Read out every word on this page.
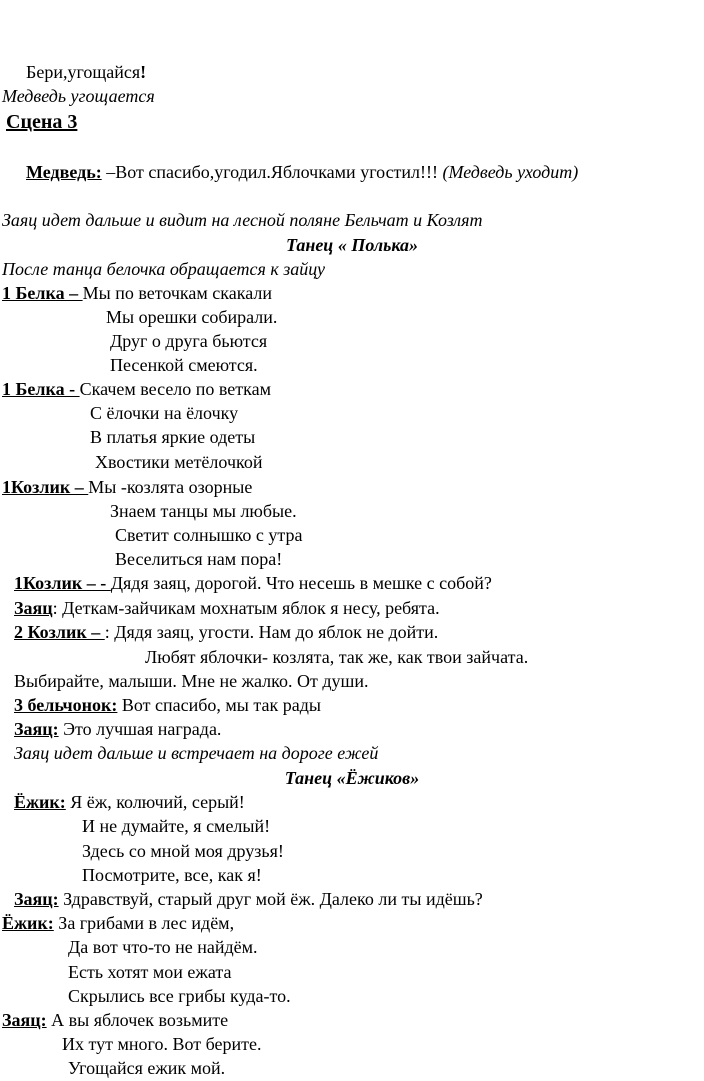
Бери,угощайся!
Медведь угощается
Сцена 3
Медведь: –Вот спасибо,угодил.Яблочками угостил!!! (Медведь уходит)
Заяц идет дальше и видит на лесной поляне Бельчат и Козлят
Танец « Полька»
После танца белочка обращается к зайцу
1 Белка – Мы по веточкам скакали
Мы орешки собирали.
Друг о друга бьются
Песенкой смеются.
1 Белка - Скачем весело по веткам
С ёлочки на ёлочку
В платья яркие одеты
Хвостики метёлочкой
1Козлик – Мы -козлята озорные
Знаем танцы мы любые.
Светит солнышко с утра
Веселиться нам пора!
1Козлик – - Дядя заяц, дорогой. Что несешь в мешке с собой?
Заяц: Деткам-зайчикам мохнатым яблок я несу, ребята.
2 Козлик – : Дядя заяц, угости. Нам до яблок не дойти.
Любят яблочки- козлята, так же, как твои зайчата.
Выбирайте, малыши. Мне не жалко. От души.
3 бельчонок: Вот спасибо, мы так рады
Заяц: Это лучшая награда.
Заяц идет дальше и встречает на дороге ежей
Танец «Ёжиков»
Ёжик: Я ёж, колючий, серый!
И не думайте, я смелый!
Здесь со мной моя друзья!
Посмотрите, все, как я!
Заяц: Здравствуй, старый друг мой ёж. Далеко ли ты идёшь?
Ёжик: За грибами в лес идём,
Да вот что-то не найдём.
Есть хотят мои ежата
Скрылись все грибы куда-то.
Заяц: А вы яблочек возьмите
Их тут много. Вот берите.
Угощайся ежик мой.
